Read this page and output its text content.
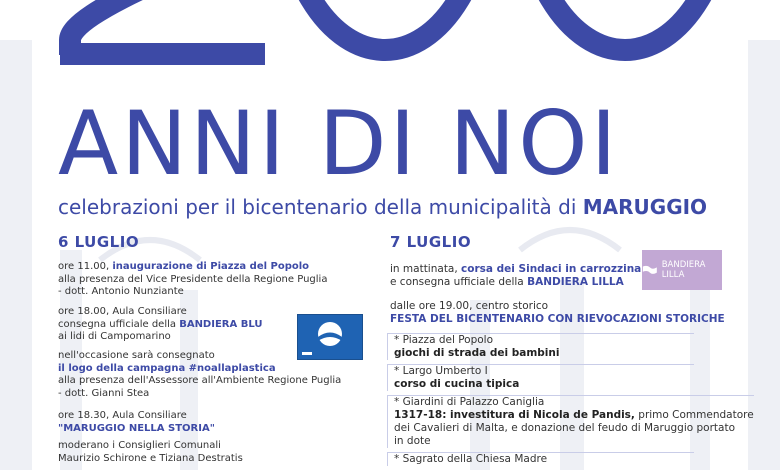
ANNI DI NOI
celebrazioni per il bicentenario della municipalità di MARUGGIO
6 LUGLIO

ore 11.00, inaugurazione di Piazza del Popolo

alla presenza del Vice Presidente della Regione Puglia

- dott. Antonio Nunziante

ore 18.00, Aula Consiliare

consegna ufficiale della BANDIERA BLU

ai lidi di Campomarino

nell'occasione sarà consegnato

il logo della campagna #noallaplastica

alla presenza dell'Assessore all'Ambiente Regione Puglia

- dott. Gianni Stea

ore 18.30, Aula Consiliare

"MARUGGIO NELLA STORIA"

moderano i Consiglieri Comunali

Maurizio Schirone e Tiziana Destratis

7 LUGLIO

in mattinata, corsa dei Sindaci in carrozzina

e consegna ufficiale della BANDIERA LILLA

BANDIERA LILLA

dalle ore 19.00, centro storico

FESTA DEL BICENTENARIO CON RIEVOCAZIONI STORICHE

* Piazza del Popolo

giochi di strada dei bambini

* Largo Umberto I

corso di cucina tipica

* Giardini di Palazzo Caniglia

1317-18: investitura di Nicola de Pandis, primo Commendatore

dei Cavalieri di Malta, e donazione del feudo di Maruggio portato

in dote

* Sagrato della Chiesa Madre
